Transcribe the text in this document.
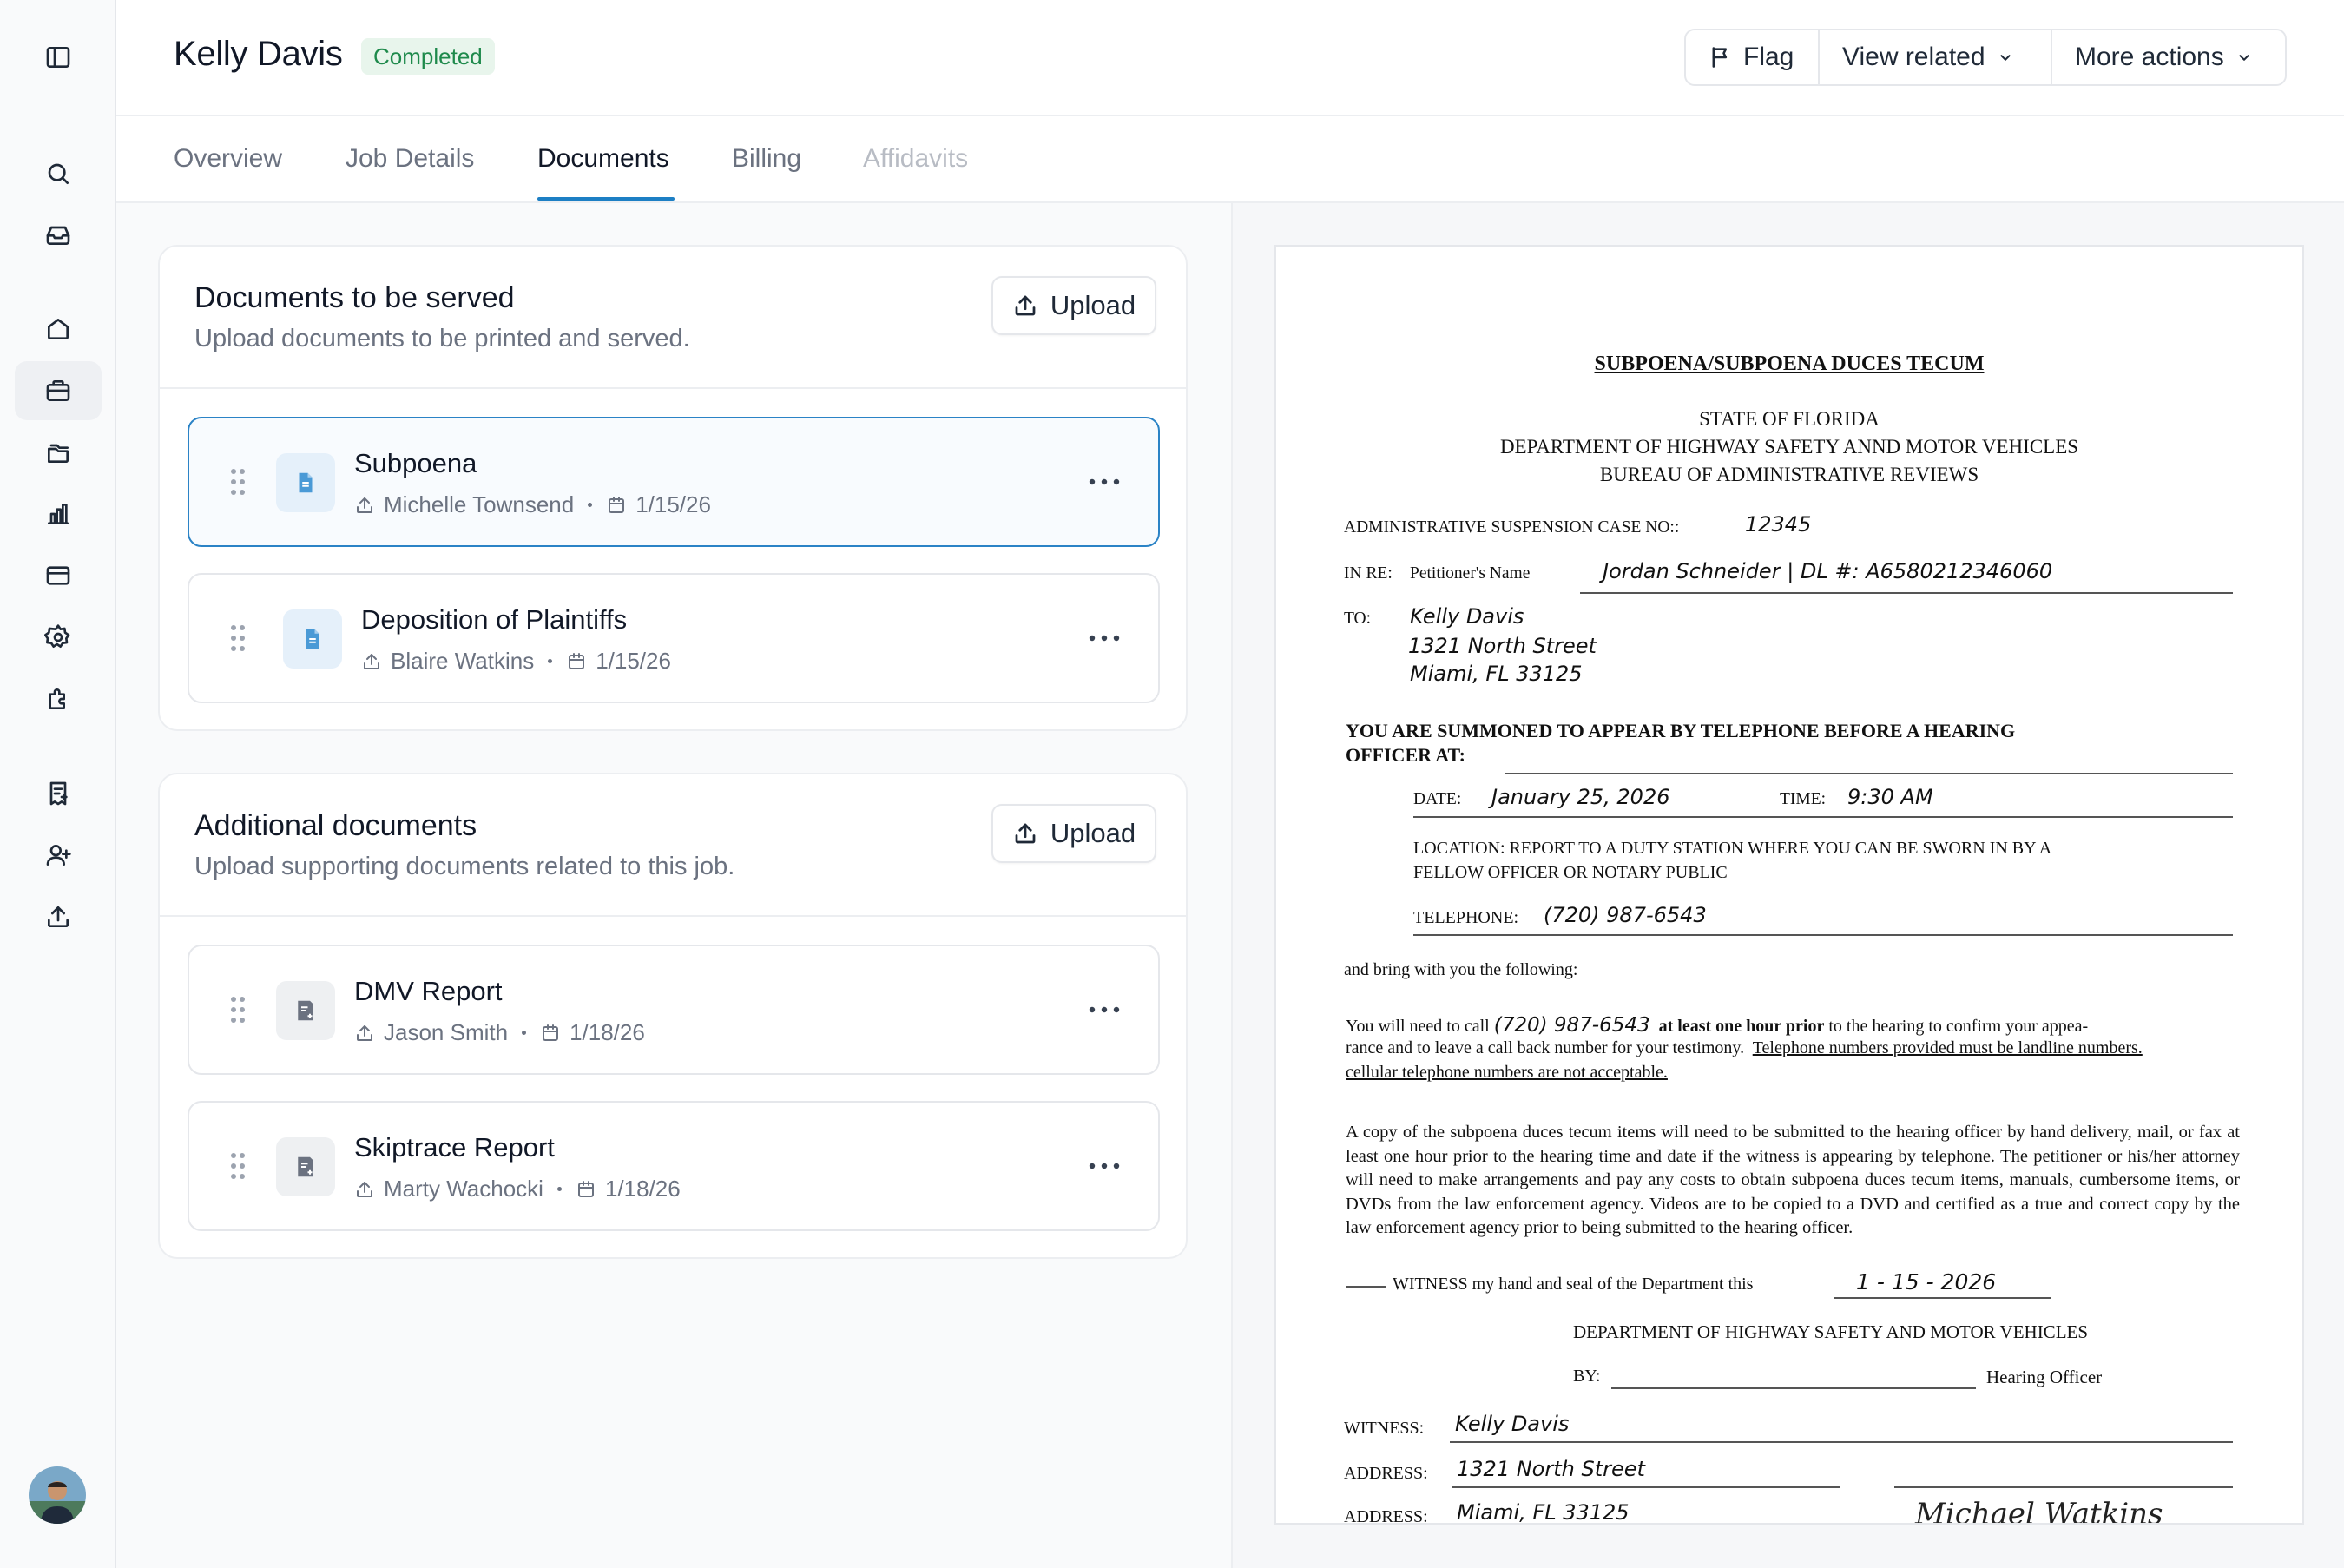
Kelly Davis	Completed	Flag View related	More actions
Overview Job Details Documents Billing Affidavits
Documents to be served
Upload documents to be printed and served.
Upload
Subpoena
Michelle Townsend	1/15/26
Deposition of Plaintiffs
Blaire Watkins	1/15/26
Additional documents
Upload supporting documents related to this job.
Upload
DMV Report
Jason Smith	1/18/26
Skiptrace Report
Marty Wachocki	1/18/26
SUBPOENA/SUBPOENA DUCES TECUM
STATE OF FLORIDA
DEPARTMENT OF HIGHWAY SAFETY ANND MOTOR VEHICLES
BUREAU OF ADMINISTRATIVE REVIEWS
ADMINISTRATIVE SUSPENSION CASE NO::	12345
IN RE: Petitioner's Name	Jordan Schneider | DL #: A6580212346060
TO: Kelly Davis
1321 North Street
Miami, FL 33125
YOU ARE SUMMONED TO APPEAR BY TELEPHONE BEFORE A HEARING
OFFICER AT:
DATE: January 25, 2026	TIME: 9:30 AM
LOCATION: REPORT TO A DUTY STATION WHERE YOU CAN BE SWORN IN BY A
FELLOW OFFICER OR NOTARY PUBLIC
TELEPHONE: (720) 987-6543
and bring with you the following:
You will need to call (720) 987-6543 at least one hour prior to the hearing to confirm your appea-
rance and to leave a call back number for your testimony. Telephone numbers provided must be landline numbers.
cellular telephone numbers are not acceptable.
A copy of the subpoena duces tecum items will need to be submitted to the hearing officer by hand delivery, mail, or fax at least one hour prior to the hearing time and date if the witness is appearing by telephone. The petitioner or his/her attorney will need to make arrangements and pay any costs to obtain subpoena duces tecum items, manuals, cumbersome items, or DVDs from the law enforcement agency. Videos are to be copied to a DVD and certified as a true and correct copy by the law enforcement agency prior to being submitted to the hearing officer.
WITNESS my hand and seal of the Department this	1 - 15 - 2026
DEPARTMENT OF HIGHWAY SAFETY AND MOTOR VEHICLES
BY:	Hearing Officer
WITNESS: Kelly Davis
ADDRESS: 1321 North Street
ADDRESS: Miami, FL 33125	Michael Watkins
